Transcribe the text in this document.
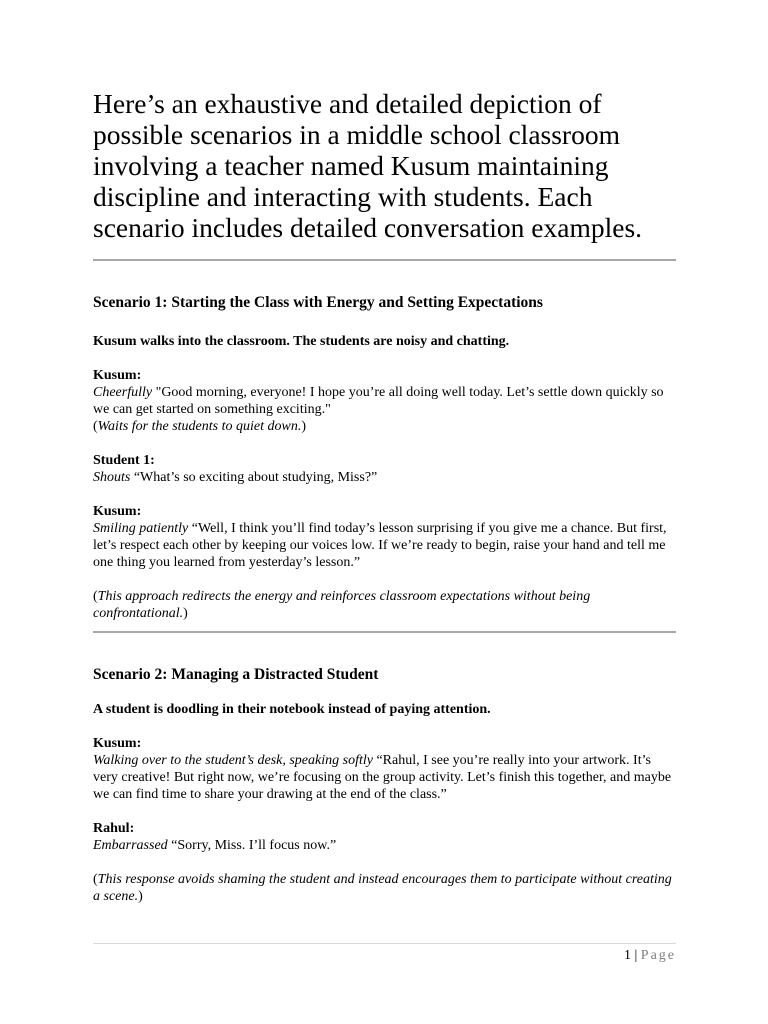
Here’s an exhaustive and detailed depiction of possible scenarios in a middle school classroom involving a teacher named Kusum maintaining discipline and interacting with students. Each scenario includes detailed conversation examples.

Scenario 1: Starting the Class with Energy and Setting Expectations

Kusum walks into the classroom. The students are noisy and chatting.

Kusum:

Cheerfully "Good morning, everyone! I hope you’re all doing well today. Let’s settle down quickly so we can get started on something exciting."

(Waits for the students to quiet down.)

Student 1:

Shouts “What’s so exciting about studying, Miss?”

Kusum:

Smiling patiently “Well, I think you’ll find today’s lesson surprising if you give me a chance. But first, let’s respect each other by keeping our voices low. If we’re ready to begin, raise your hand and tell me one thing you learned from yesterday’s lesson.”

(This approach redirects the energy and reinforces classroom expectations without being confrontational.)

Scenario 2: Managing a Distracted Student

A student is doodling in their notebook instead of paying attention.

Kusum:

Walking over to the student’s desk, speaking softly “Rahul, I see you’re really into your artwork. It’s very creative! But right now, we’re focusing on the group activity. Let’s finish this together, and maybe we can find time to share your drawing at the end of the class.”

Rahul:

Embarrassed “Sorry, Miss. I’ll focus now.”

(This response avoids shaming the student and instead encourages them to participate without creating a scene.)

1 | Page
